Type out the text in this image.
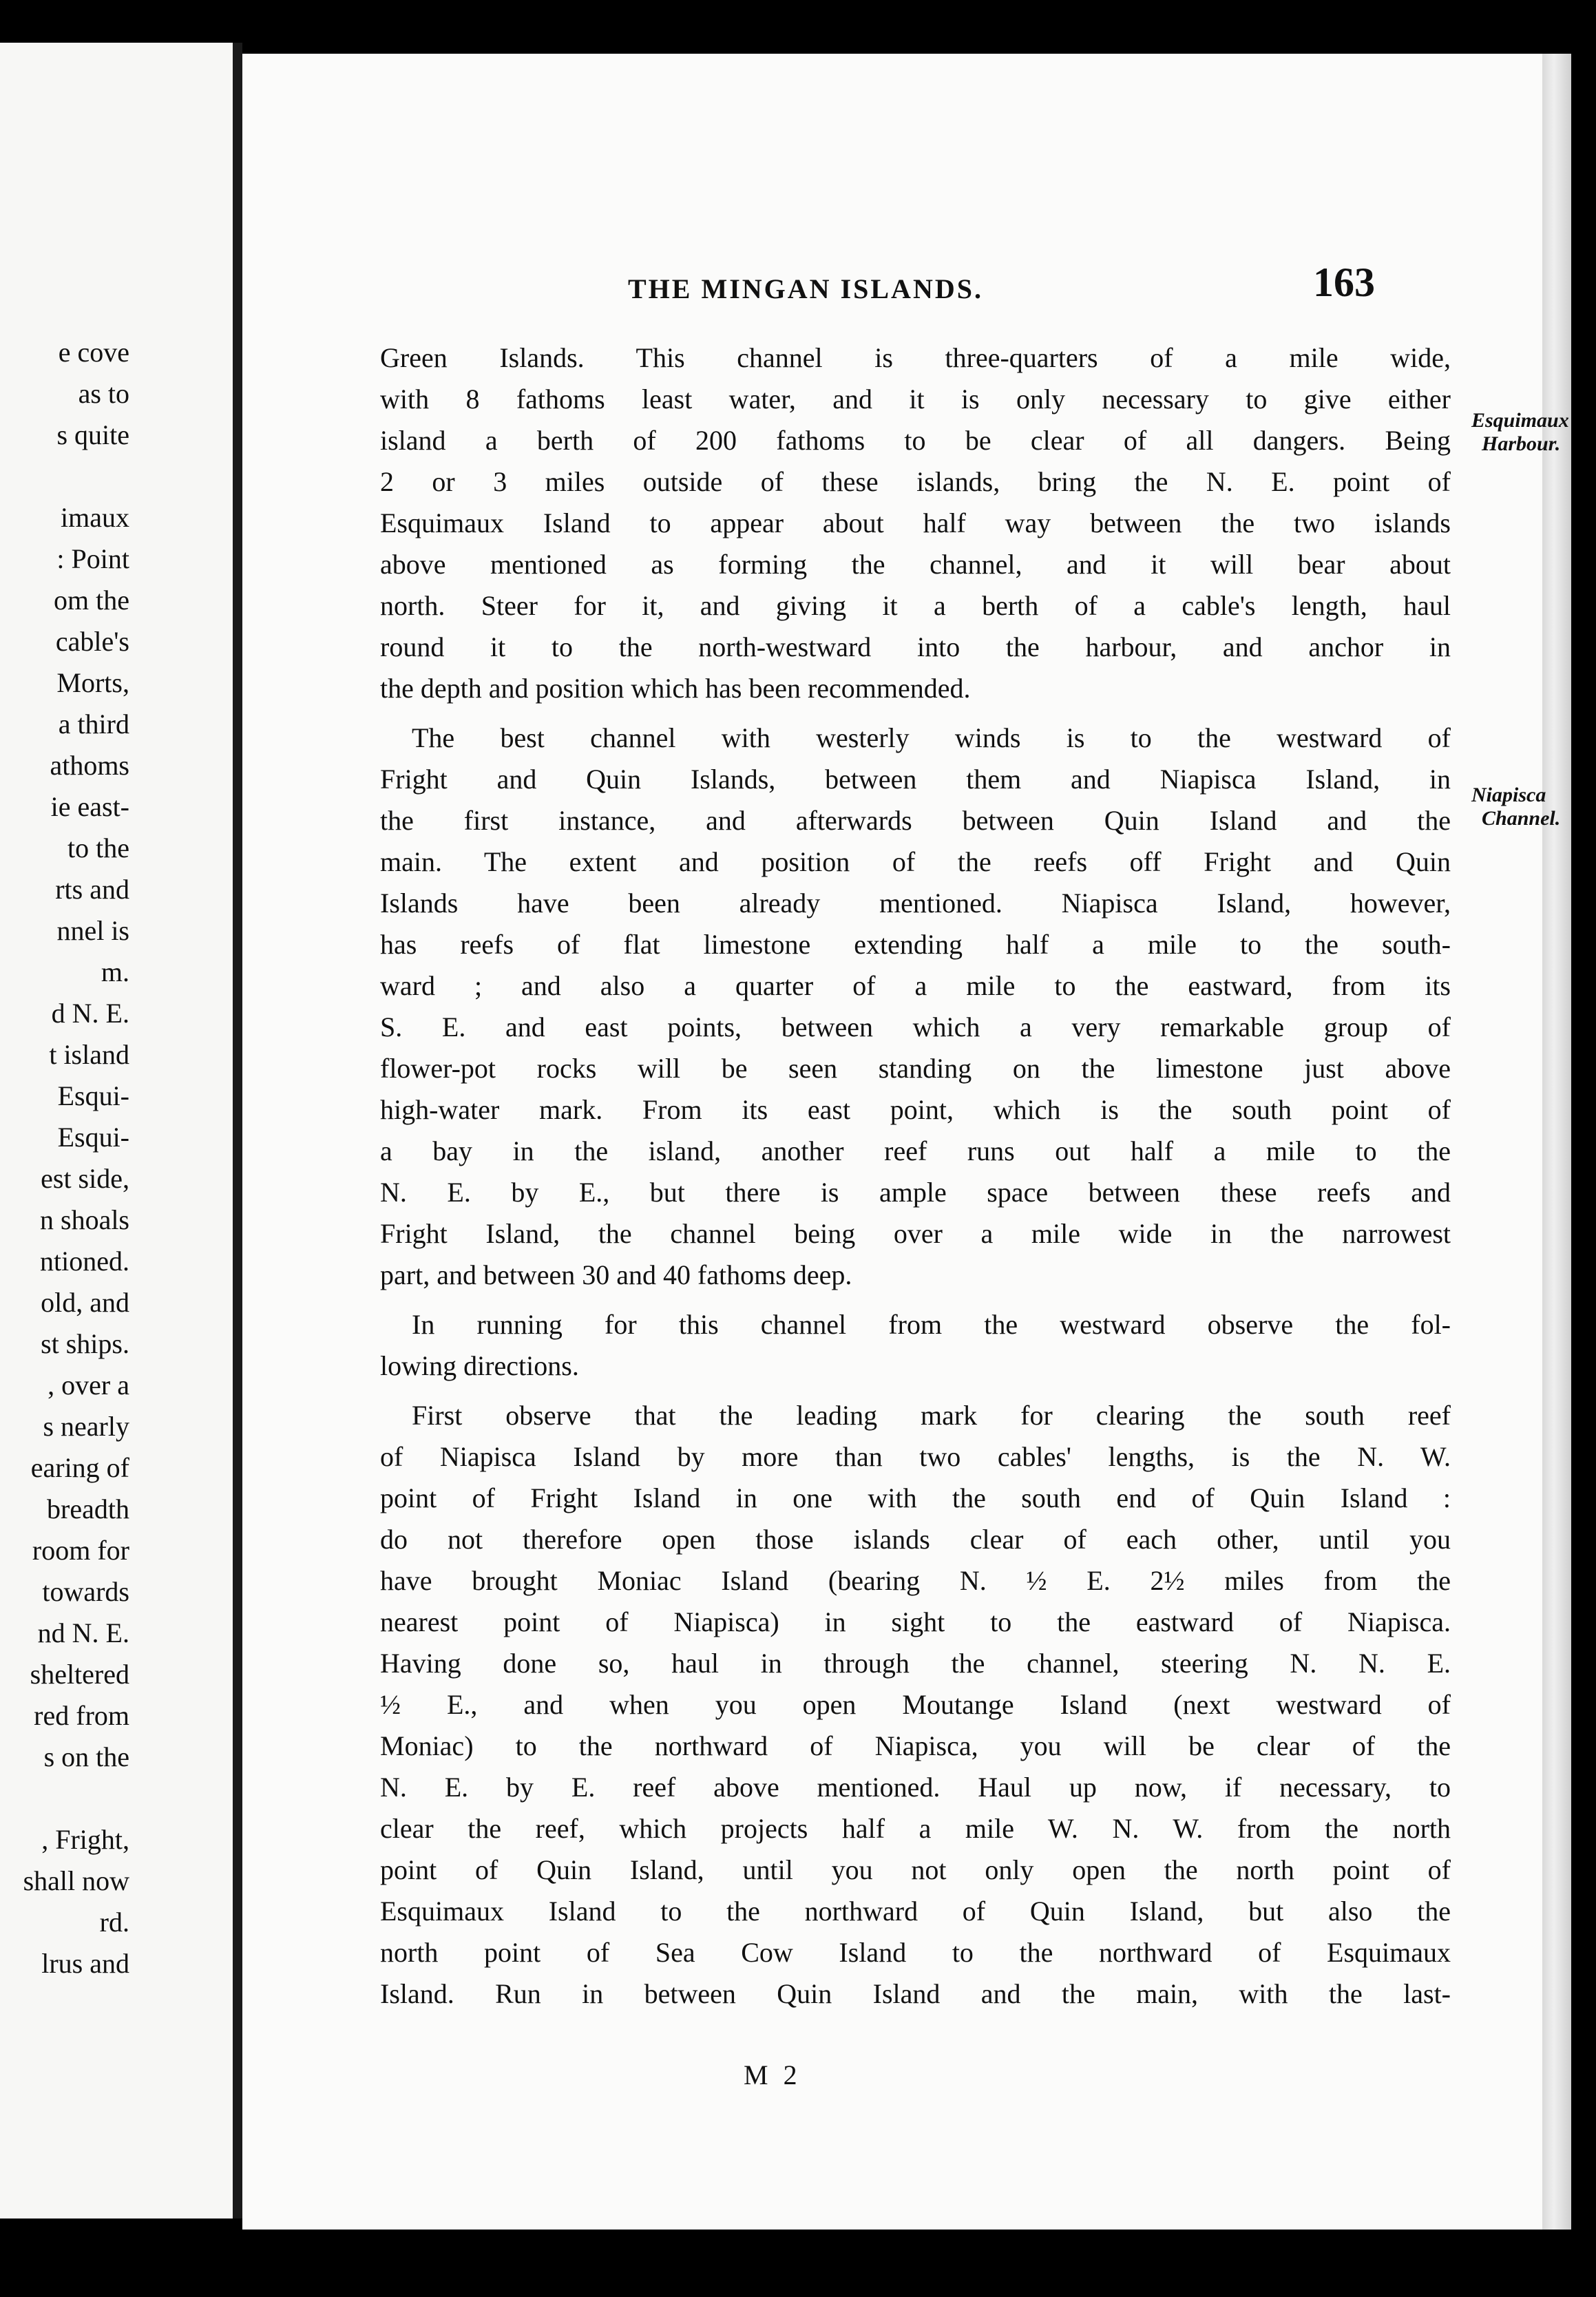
e cove
as to
s quite
imaux
: Point
om the
cable's
Morts,
a third
athoms
ie east-
to the
rts and
nnel is
m.
d N. E.
t island
Esqui-
Esqui-
est side,
n shoals
ntioned.
old, and
st ships.
, over a
s nearly
earing of
breadth
room for
towards
nd N. E.
sheltered
red from
s on the
, Fright,
shall now
rd.
lrus and
THE MINGAN ISLANDS.	163
Esquimaux
Harbour.
Niapisca
Channel.
Green Islands. This channel is three-quarters of a mile wide,
with 8 fathoms least water, and it is only necessary to give either
island a berth of 200 fathoms to be clear of all dangers. Being
2 or 3 miles outside of these islands, bring the N. E. point of
Esquimaux Island to appear about half way between the two islands
above mentioned as forming the channel, and it will bear about
north. Steer for it, and giving it a berth of a cable's length, haul
round it to the north-westward into the harbour, and anchor in
the depth and position which has been recommended.
The best channel with westerly winds is to the westward of
Fright and Quin Islands, between them and Niapisca Island, in
the first instance, and afterwards between Quin Island and the
main. The extent and position of the reefs off Fright and Quin
Islands have been already mentioned. Niapisca Island, however,
has reefs of flat limestone extending half a mile to the south-
ward ; and also a quarter of a mile to the eastward, from its
S. E. and east points, between which a very remarkable group of
flower-pot rocks will be seen standing on the limestone just above
high-water mark. From its east point, which is the south point of
a bay in the island, another reef runs out half a mile to the
N. E. by E., but there is ample space between these reefs and
Fright Island, the channel being over a mile wide in the narrowest
part, and between 30 and 40 fathoms deep.
In running for this channel from the westward observe the fol-
lowing directions.
First observe that the leading mark for clearing the south reef
of Niapisca Island by more than two cables' lengths, is the N. W.
point of Fright Island in one with the south end of Quin Island :
do not therefore open those islands clear of each other, until you
have brought Moniac Island (bearing N. ½ E. 2½ miles from the
nearest point of Niapisca) in sight to the eastward of Niapisca.
Having done so, haul in through the channel, steering N. N. E.
½ E., and when you open Moutange Island (next westward of
Moniac) to the northward of Niapisca, you will be clear of the
N. E. by E. reef above mentioned. Haul up now, if necessary, to
clear the reef, which projects half a mile W. N. W. from the north
point of Quin Island, until you not only open the north point of
Esquimaux Island to the northward of Quin Island, but also the
north point of Sea Cow Island to the northward of Esquimaux
Island. Run in between Quin Island and the main, with the last-
M 2
